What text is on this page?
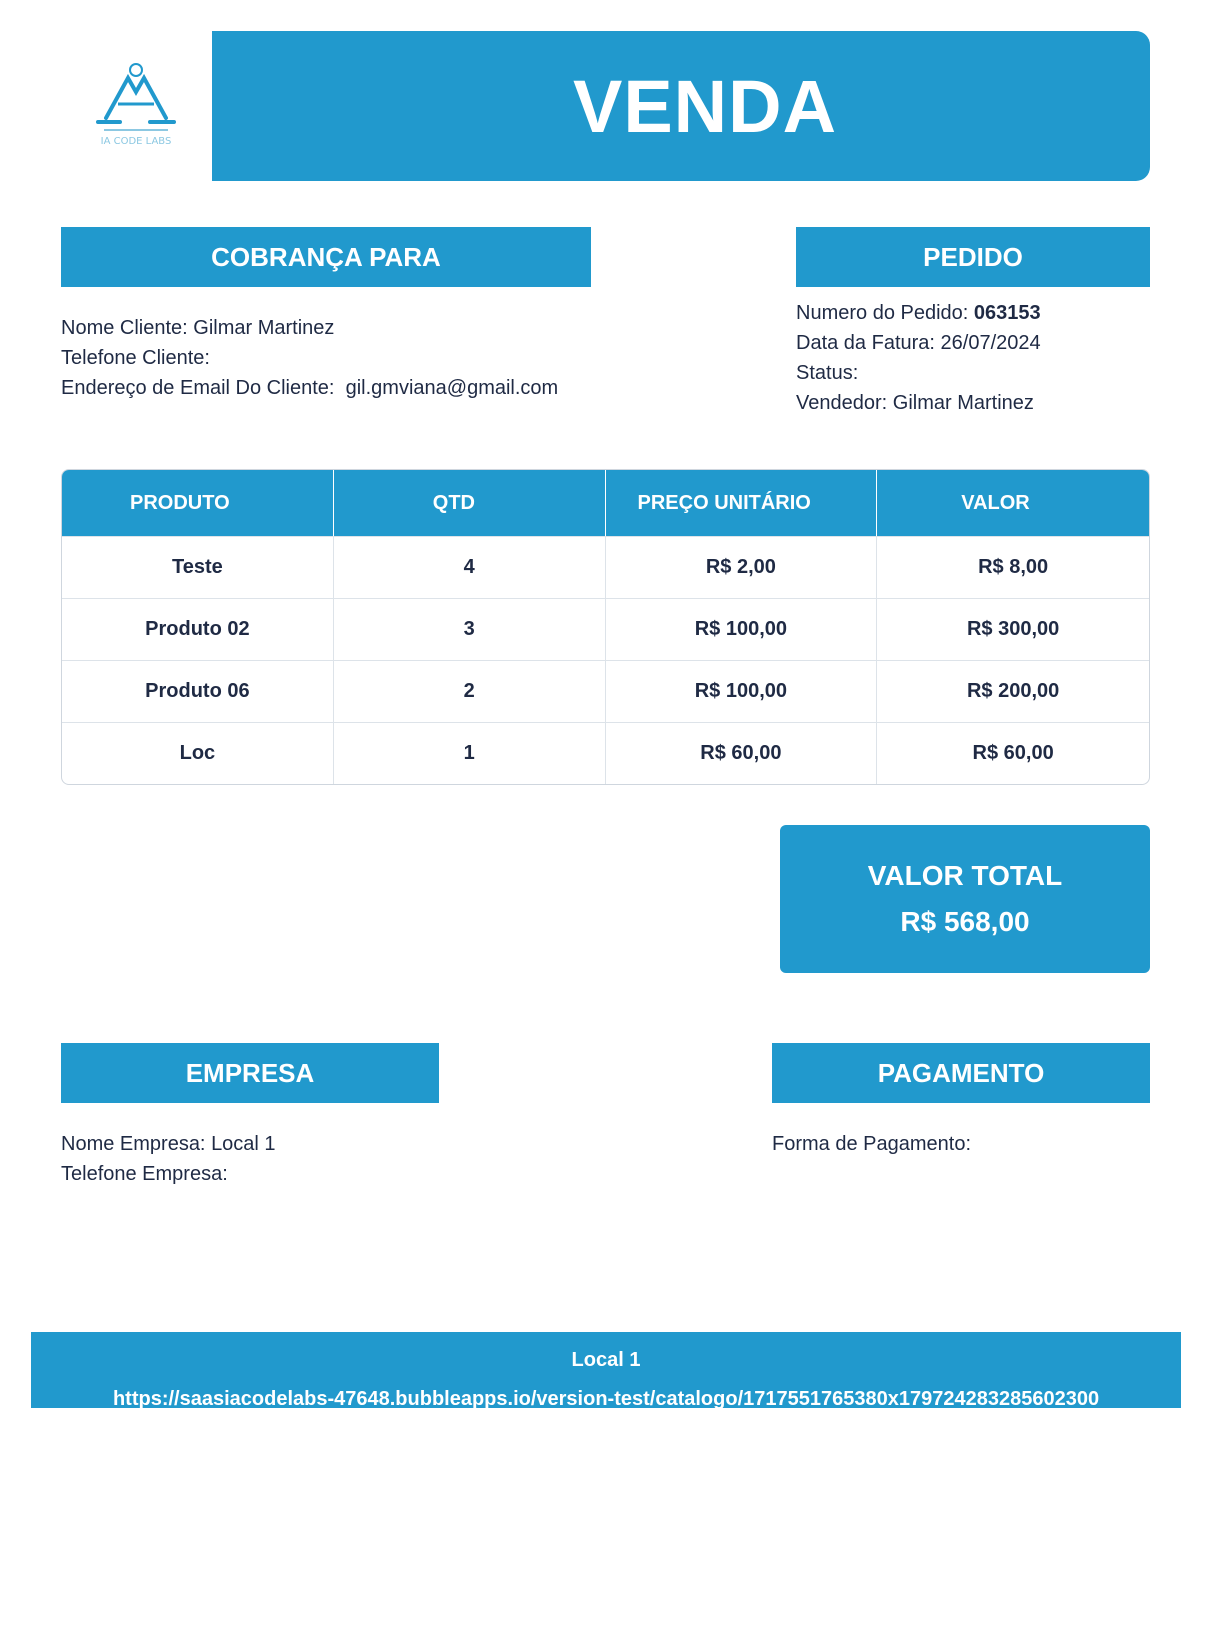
IA CODE LABS	VENDA
COBRANÇA PARA
Nome Cliente: Gilmar Martinez
Telefone Cliente:
Endereço de Email Do Cliente: gil.gmviana@gmail.com
PEDIDO
Numero do Pedido: 063153
Data da Fatura: 26/07/2024
Status:
Vendedor: Gilmar Martinez
PRODUTO	QTD	PREÇO UNITÁRIO	VALOR
Teste	4	R$ 2,00	R$ 8,00
Produto 02	3	R$ 100,00	R$ 300,00
Produto 06	2	R$ 100,00	R$ 200,00
Loc	1	R$ 60,00	R$ 60,00
VALOR TOTAL
R$ 568,00
EMPRESA
Nome Empresa: Local 1
Telefone Empresa:
PAGAMENTO
Forma de Pagamento:
Local 1
https://saasiacodelabs-47648.bubbleapps.io/version-test/catalogo/1717551765380x179724283285602300
